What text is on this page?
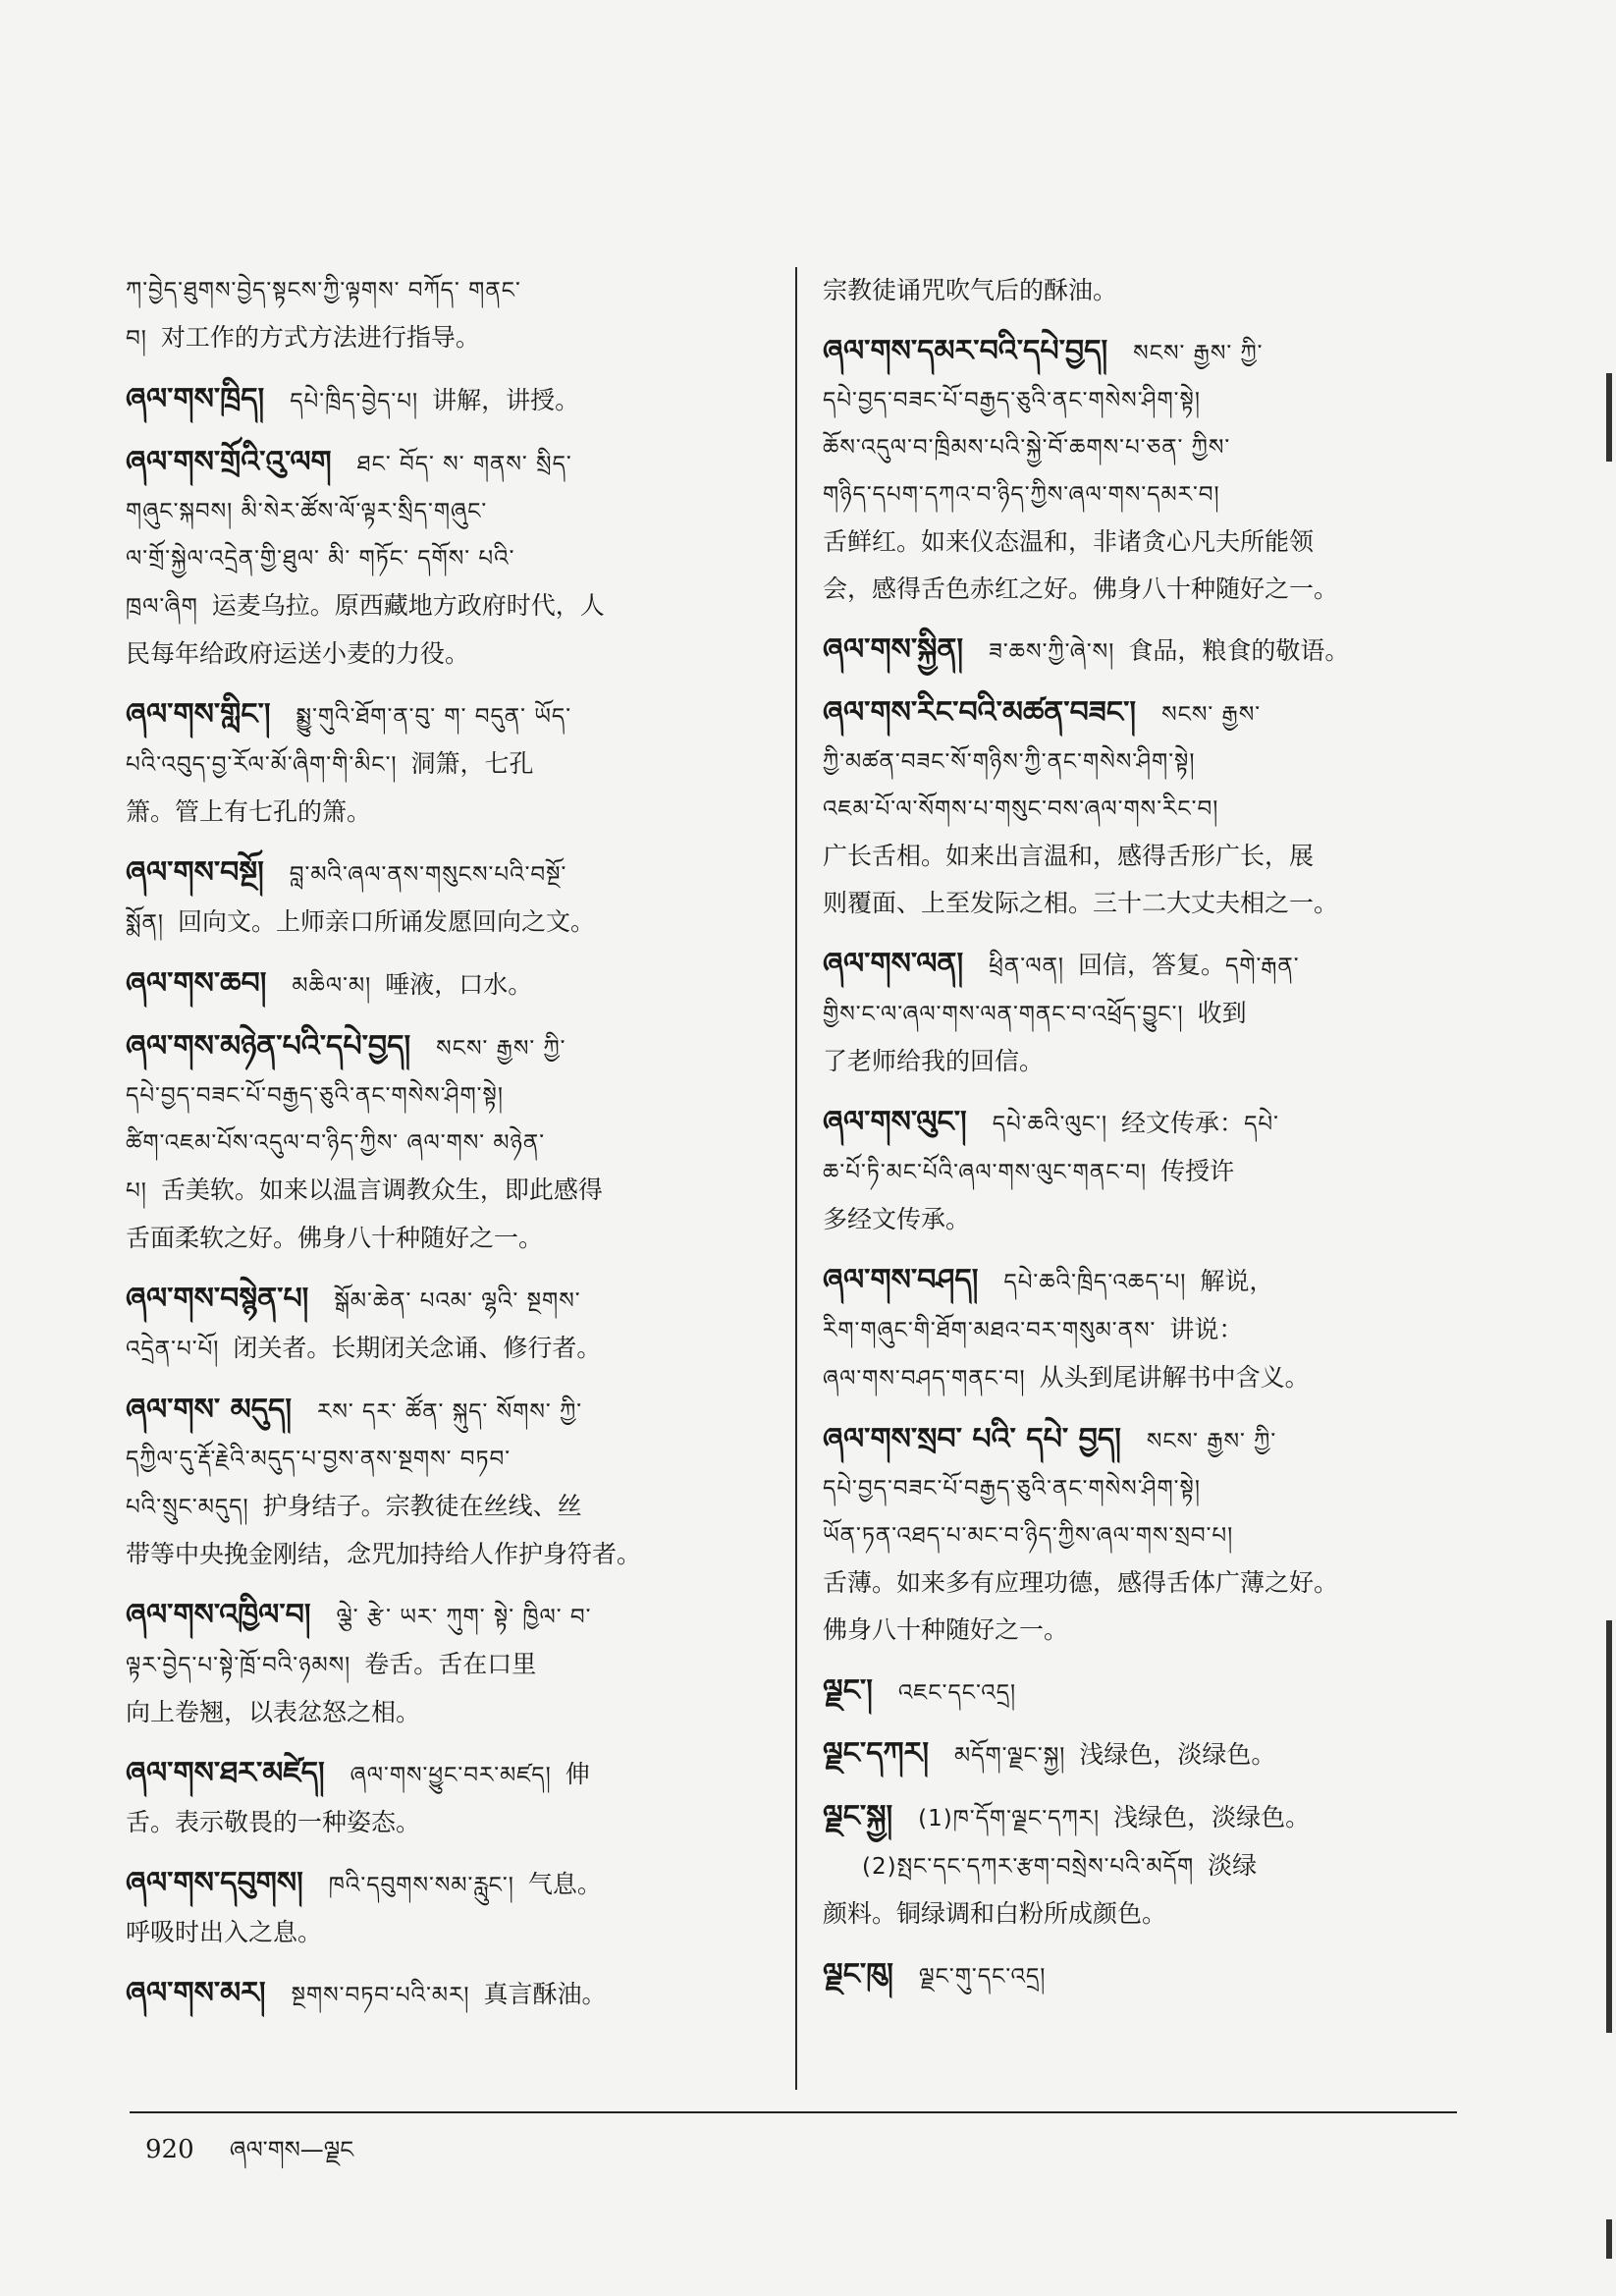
ཀ་བྱེད་ཐུགས་བྱེད་སྟངས་ཀྱི་ལྟགས་ བཀོད་ གནང་
བ། 对工作的方式方法进行指导。
ཞལ་གས་ཁྲིད། དཔེ་ཁྲིད་བྱེད་པ། 讲解，讲授。
ཞལ་གས་གྲོའི་འུ་ལག ཐང་ བོད་ ས་ གནས་ སྲིད་
གཞུང་སྐབས། མི་སེར་ཚོས་ལོ་ལྟར་སྲིད་གཞུང་
ལ་གྲོ་སྐྱེལ་འདྲེན་གྱི་ཐུལ་ མི་ གཏོང་ དགོས་ པའི་
ཁྲལ་ཞིག 运麦乌拉。原西藏地方政府时代，人
民每年给政府运送小麦的力役。
ཞལ་གས་གླིང་། སྨྱུ་གུའི་ཐོག་ན་བུ་ ག་ བདུན་ ཡོད་
པའི་འབུད་བྱ་རོལ་མོ་ཞིག་གི་མིང་། 洞箫，七孔
箫。管上有七孔的箫。
ཞལ་གས་བསྔོ། བླ་མའི་ཞལ་ནས་གསུངས་པའི་བསྔོ་
སྨོན། 回向文。上师亲口所诵发愿回向之文。
ཞལ་གས་ཆབ། མཆིལ་མ། 唾液，口水。
ཞལ་གས་མཉེན་པའི་དཔེ་བྱད། སངས་ རྒྱས་ ཀྱི་
དཔེ་བྱད་བཟང་པོ་བརྒྱད་ཅུའི་ནང་གསེས་ཤིག་སྟེ།
ཚིག་འཇམ་པོས་འདུལ་བ་ཉིད་ཀྱིས་ ཞལ་གས་ མཉེན་
པ། 舌美软。如来以温言调教众生，即此感得
舌面柔软之好。佛身八十种随好之一。
ཞལ་གས་བསྙེན་པ། སྒོམ་ཆེན་ པའམ་ ལྷའི་ སྔགས་
འདྲེན་པ་པོ། 闭关者。长期闭关念诵、修行者。
ཞལ་གས་ མདུད། རས་ དར་ ཚོན་ སྐུད་ སོགས་ ཀྱི་
དཀྱིལ་དུ་རྡོ་རྗེའི་མདུད་པ་བྱས་ནས་སྔགས་ བཏབ་
པའི་སྲུང་མདུད། 护身结子。宗教徒在丝线、丝
带等中央挽金刚结，念咒加持给人作护身符者。
ཞལ་གས་འཁྱིལ་བ། ལྕེ་ རྩེ་ ཡར་ ཀུག་ སྟེ་ ཁྱིལ་ བ་
ལྟར་བྱེད་པ་སྟེ་ཁྲོ་བའི་ཉམས། 卷舌。舌在口里
向上卷翘，以表忿怒之相。
ཞལ་གས་ཐར་མཛེད། ཞལ་གས་ཕྱུང་བར་མཛད། 伸
舌。表示敬畏的一种姿态。
ཞལ་གས་དབུགས། ཁའི་དབུགས་སམ་རླུང་། 气息。
呼吸时出入之息。
ཞལ་གས་མར། སྔགས་བཏབ་པའི་མར། 真言酥油。
宗教徒诵咒吹气后的酥油。
ཞལ་གས་དམར་བའི་དཔེ་བྱད། སངས་ རྒྱས་ ཀྱི་
དཔེ་བྱད་བཟང་པོ་བརྒྱད་ཅུའི་ནང་གསེས་ཤིག་སྟེ།
ཆོས་འདུལ་བ་ཁྲིམས་པའི་སྐྱེ་བོ་ཆགས་པ་ཅན་ ཀྱིས་
གཉིད་དཔག་དཀའ་བ་ཉིད་ཀྱིས་ཞལ་གས་དམར་བ།
舌鲜红。如来仪态温和，非诸贪心凡夫所能领
会，感得舌色赤红之好。佛身八十种随好之一。
ཞལ་གས་སྐྱིན། ཟ་ཆས་ཀྱི་ཞེ་ས། 食品，粮食的敬语。
ཞལ་གས་རིང་བའི་མཚན་བཟང་། སངས་ རྒྱས་
ཀྱི་མཚན་བཟང་སོ་གཉིས་ཀྱི་ནང་གསེས་ཤིག་སྟེ།
འཇམ་པོ་ལ་སོགས་པ་གསུང་བས་ཞལ་གས་རིང་བ།
广长舌相。如来出言温和，感得舌形广长，展
则覆面、上至发际之相。三十二大丈夫相之一。
ཞལ་གས་ལན། ཕྲིན་ལན། 回信，答复。དགེ་རྒན་
གྱིས་ང་ལ་ཞལ་གས་ལན་གནང་བ་འཕྲོད་བྱུང་། 收到
了老师给我的回信。
ཞལ་གས་ལུང་། དཔེ་ཆའི་ལུང་། 经文传承：དཔེ་
ཆ་པོ་ཏི་མང་པོའི་ཞལ་གས་ལུང་གནང་བ། 传授许
多经文传承。
ཞལ་གས་བཤད། དཔེ་ཆའི་ཁྲིད་འཆད་པ། 解说，
རིག་གཞུང་གི་ཐོག་མཐའ་བར་གསུམ་ནས་ 讲说：
ཞལ་གས་བཤད་གནང་བ། 从头到尾讲解书中含义。
ཞལ་གས་སྲབ་ པའི་ དཔེ་ བྱད། སངས་ རྒྱས་ ཀྱི་
དཔེ་བྱད་བཟང་པོ་བརྒྱད་ཅུའི་ནང་གསེས་ཤིག་སྟེ།
ཡོན་ཏན་འཐད་པ་མང་བ་ཉིད་ཀྱིས་ཞལ་གས་སྲབ་པ།
舌薄。如来多有应理功德，感得舌体广薄之好。
佛身八十种随好之一。
ལྗང་། འཇང་དང་འདྲ།
ལྗང་དཀར། མདོག་ལྗང་སྐྱ། 浅绿色，淡绿色。
ལྗང་སྐྱ། (1)ཁ་དོག་ལྗང་དཀར། 浅绿色，淡绿色。
(2)སྤང་དང་དཀར་རྩག་བསྲེས་པའི་མདོག 淡绿
颜料。铜绿调和白粉所成颜色。
ལྗང་ཁུ། ལྗང་གུ་དང་འདྲ།
920 ཞལ་གས—ལྗང
